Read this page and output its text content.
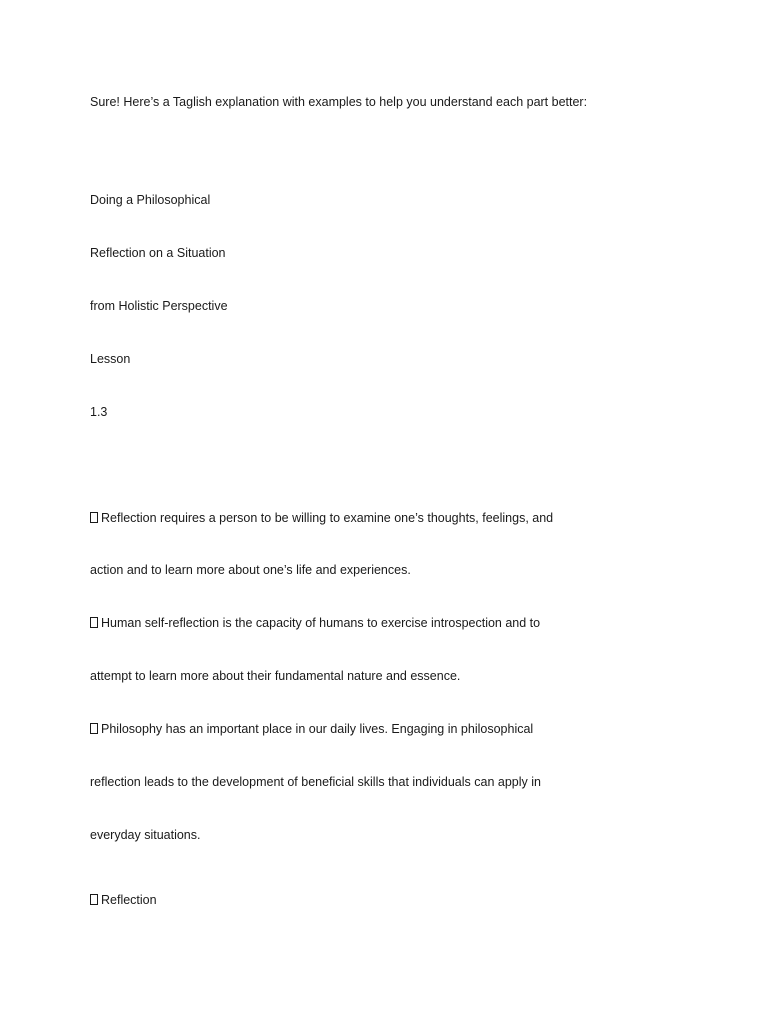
Sure! Here’s a Taglish explanation with examples to help you understand each part better:

Doing a Philosophical

Reflection on a Situation

from Holistic Perspective

Lesson

1.3

Reflection requires a person to be willing to examine one’s thoughts, feelings, and

action and to learn more about one’s life and experiences.

Human self-reflection is the capacity of humans to exercise introspection and to

attempt to learn more about their fundamental nature and essence.

Philosophy has an important place in our daily lives. Engaging in philosophical

reflection leads to the development of beneficial skills that individuals can apply in

everyday situations.

Reflection
